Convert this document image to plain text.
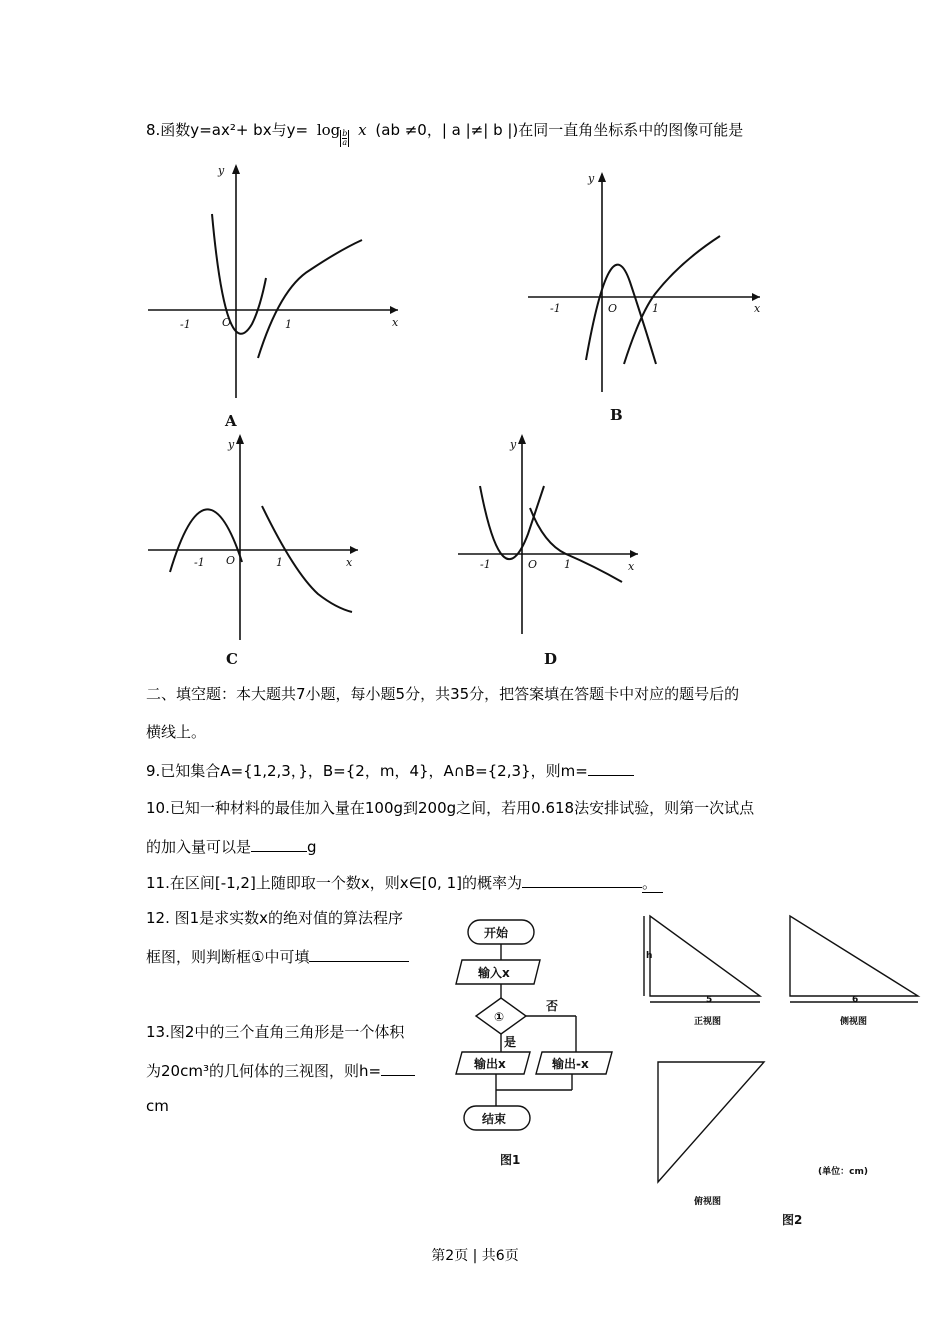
8.函数y=ax²+ bx与$y= \log \frac{b}{a}$ x (ab ≠0，| a |≠| b |)在同一直角坐标系中的图像可能是
y
x
O
-1	1
A
y
x
O
-1	1
B
y
x
O
-1	1
C
y
x
O
-1	1
D
二、填空题：本大题共7小题，每小题5分，共35分，把答案填在答题卡中对应的题号后的
横线上。
9.已知集合A={1,2,3，}，B={2，m，4}，A∩B={2,3}，则m=
10.已知一种材料的最佳加入量在100g到200g之间，若用0.618法安排试验，则第一次试点
的加入量可以是	g
11.在区间[-1,2]上随即取一个数x，则x∈[0, 1]的概率为	。
12. 图1是求实数x的绝对值的算法程序
框图，则判断框①中可填
13.图2中的三个直角三角形是一个体积
为20cm³的几何体的三视图，则h=
cm
开始
输入x
①
否
是
输出x	输出-x
结束
图1
h
5
正视图
6
侧视图
俯视图
(单位：cm)
图2
第2页 | 共6页
